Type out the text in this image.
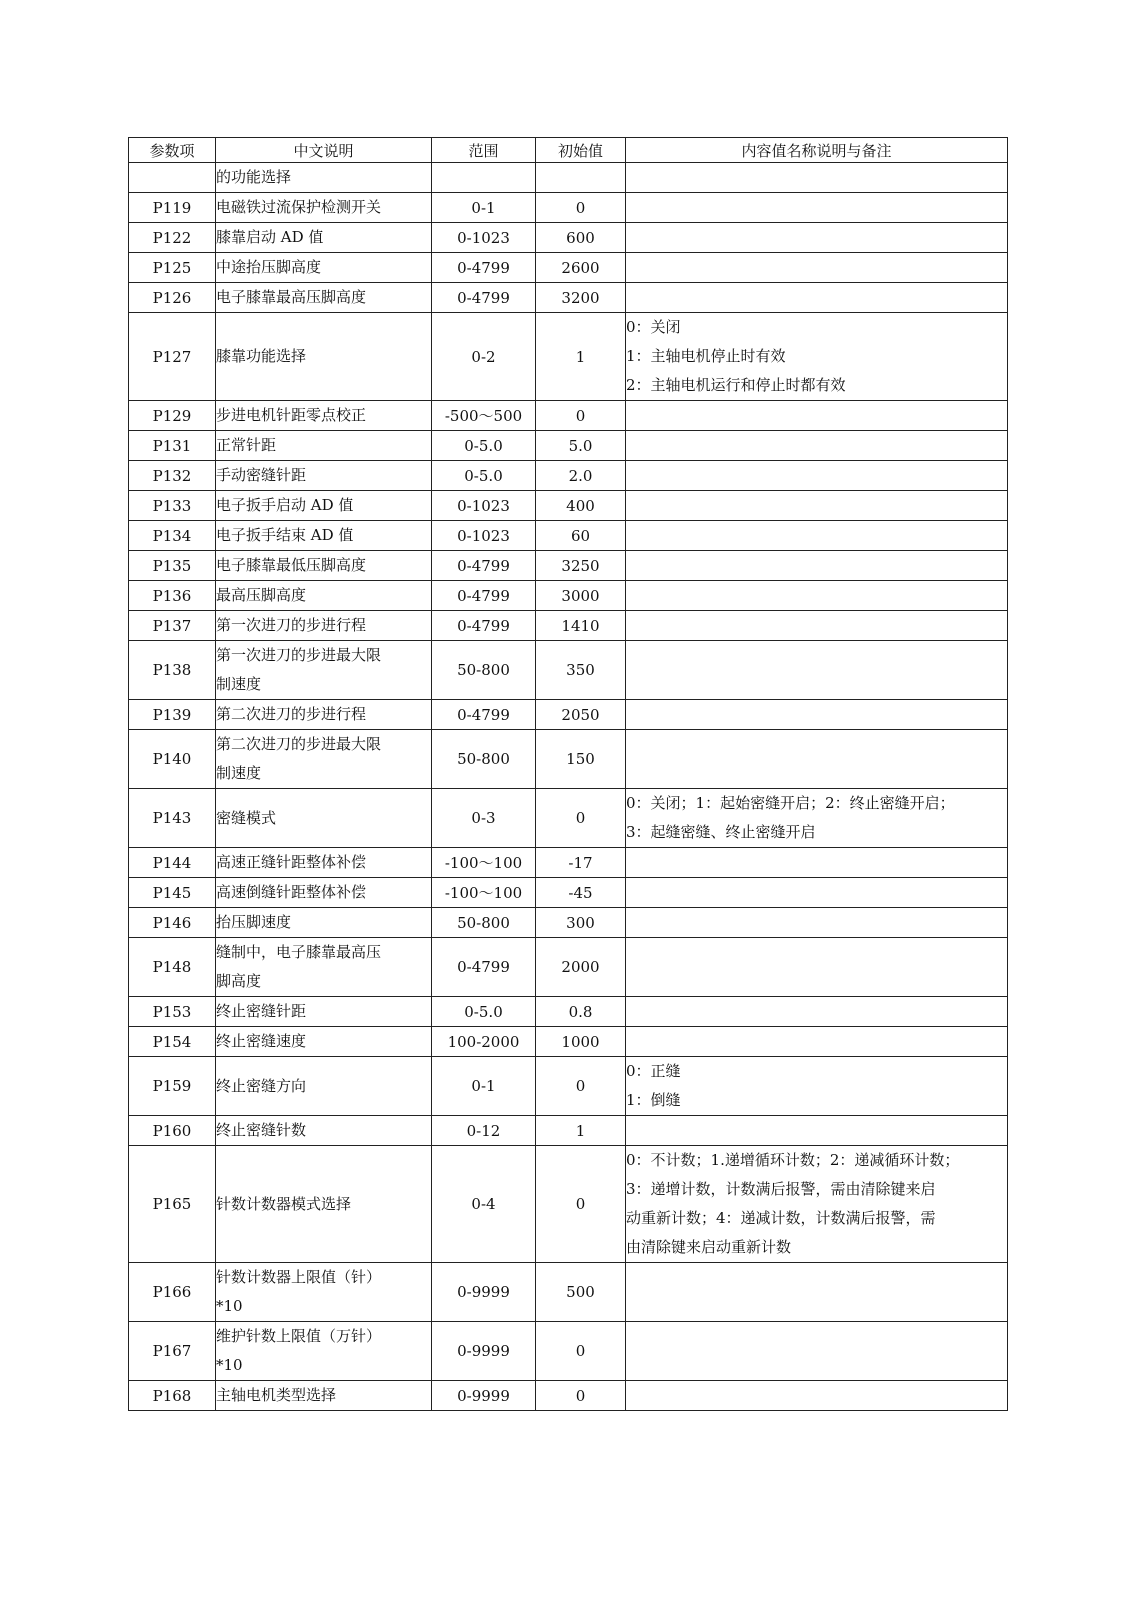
参数项	中文说明	范围	初始值	内容值名称说明与备注

	的功能选择			

P119	电磁铁过流保护检测开关	0-1	0	
P122	膝靠启动 AD 值	0-1023	600	
P125	中途抬压脚高度	0-4799	2600	
P126	电子膝靠最高压脚高度	0-4799	3200	
P127	膝靠功能选择	0-2	1	0：关闭
1：主轴电机停止时有效
2：主轴电机运行和停止时都有效

P129	步进电机针距零点校正	-500～500	0	
P131	正常针距	0-5.0	5.0	
P132	手动密缝针距	0-5.0	2.0	
P133	电子扳手启动 AD 值	0-1023	400	
P134	电子扳手结束 AD 值	0-1023	60	
P135	电子膝靠最低压脚高度	0-4799	3250	
P136	最高压脚高度	0-4799	3000	
P137	第一次进刀的步进行程	0-4799	1410	
P138	第一次进刀的步进最大限
制速度	50-800	350	
P139	第二次进刀的步进行程	0-4799	2050	
P140	第二次进刀的步进最大限
制速度	50-800	150	
P143	密缝模式	0-3	0	0：关闭；1：起始密缝开启；2：终止密缝开启；
3：起缝密缝、终止密缝开启

P144	高速正缝针距整体补偿	-100～100	-17	
P145	高速倒缝针距整体补偿	-100～100	-45	
P146	抬压脚速度	50-800	300	
P148	缝制中，电子膝靠最高压
脚高度	0-4799	2000	
P153	终止密缝针距	0-5.0	0.8	
P154	终止密缝速度	100-2000	1000	
P159	终止密缝方向	0-1	0	0：正缝
1：倒缝

P160	终止密缝针数	0-12	1	
P165	针数计数器模式选择	0-4	0	0：不计数；1.递增循环计数；2：递减循环计数；
3：递增计数，计数满后报警，需由清除键来启
动重新计数；4：递减计数，计数满后报警，需
由清除键来启动重新计数

P166	针数计数器上限值（针）
*10	0-9999	500	
P167	维护针数上限值（万针）
*10	0-9999	0	
P168	主轴电机类型选择	0-9999	0	
